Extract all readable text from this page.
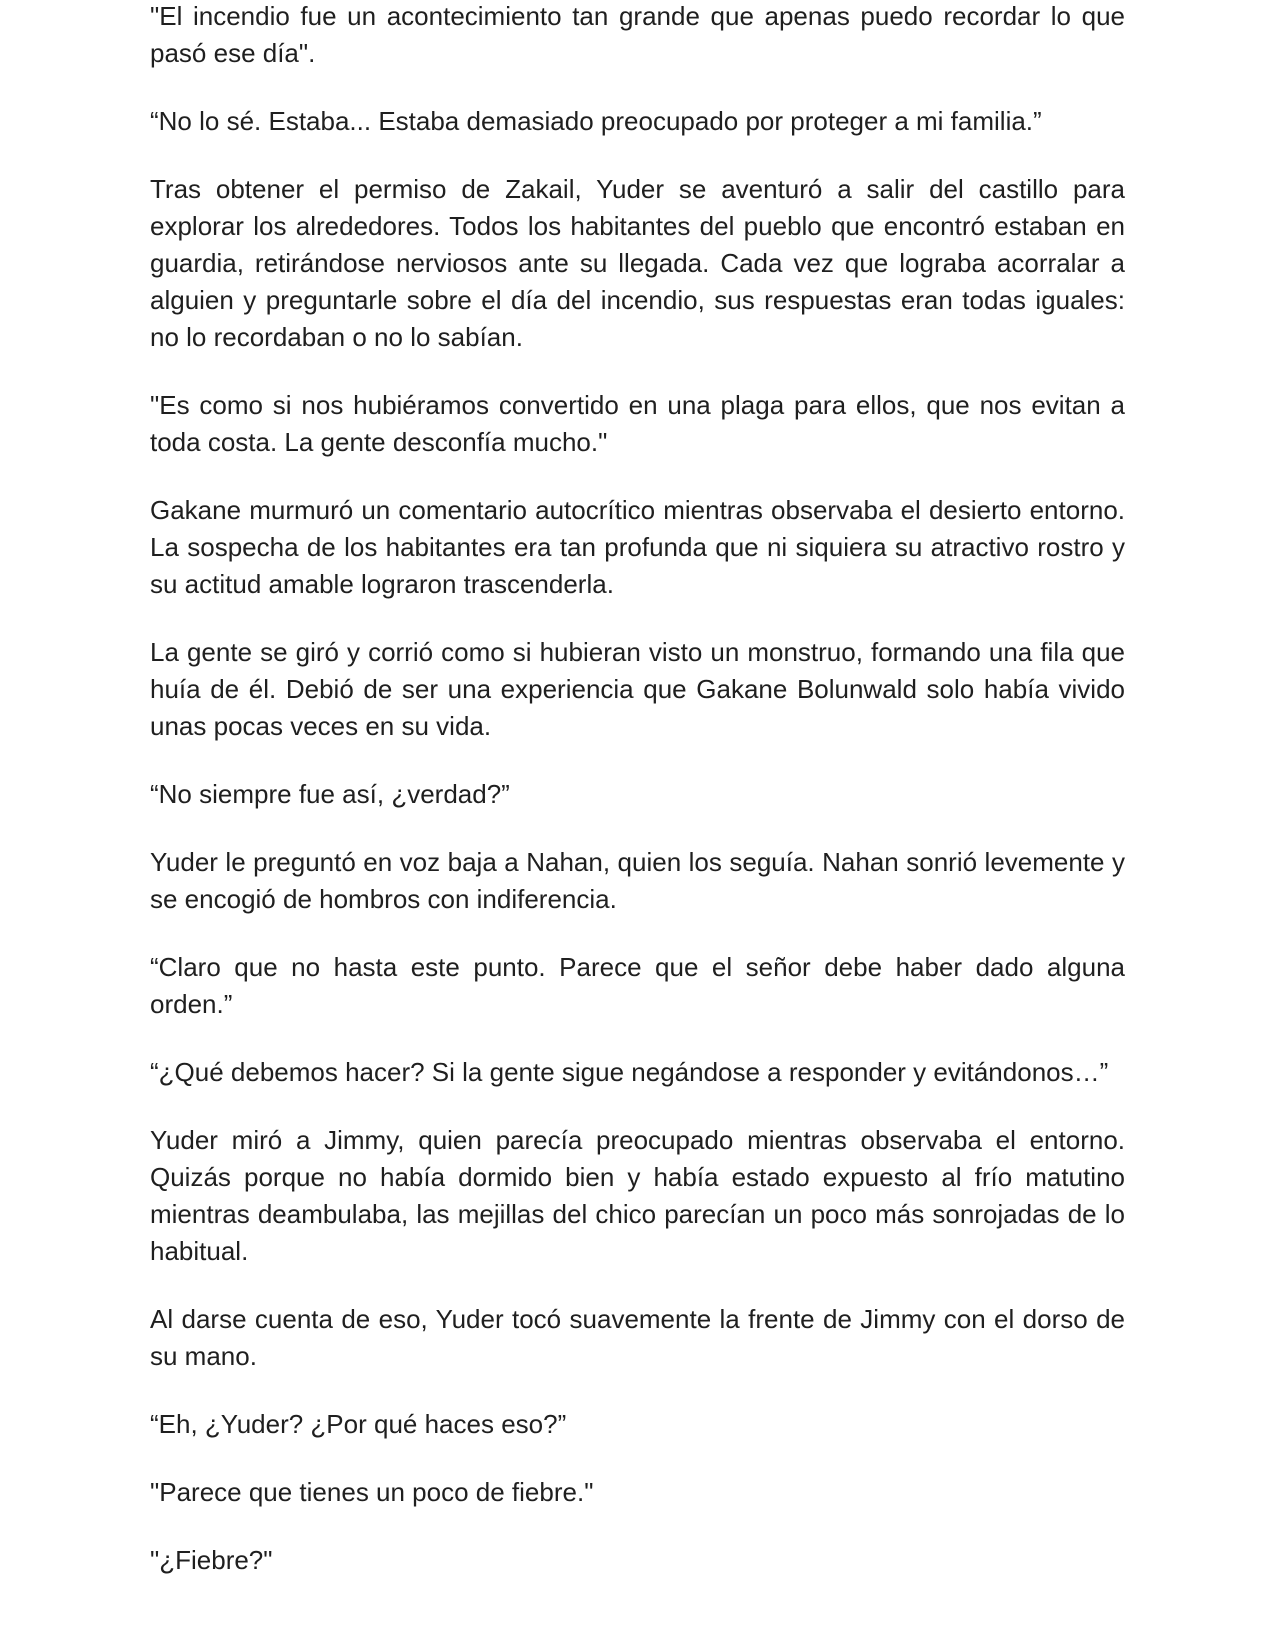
"El incendio fue un acontecimiento tan grande que apenas puedo recordar lo que pasó ese día".

“No lo sé. Estaba... Estaba demasiado preocupado por proteger a mi familia.”

Tras obtener el permiso de Zakail, Yuder se aventuró a salir del castillo para explorar los alrededores. Todos los habitantes del pueblo que encontró estaban en guardia, retirándose nerviosos ante su llegada. Cada vez que lograba acorralar a alguien y preguntarle sobre el día del incendio, sus respuestas eran todas iguales: no lo recordaban o no lo sabían.

"Es como si nos hubiéramos convertido en una plaga para ellos, que nos evitan a toda costa. La gente desconfía mucho."

Gakane murmuró un comentario autocrítico mientras observaba el desierto entorno. La sospecha de los habitantes era tan profunda que ni siquiera su atractivo rostro y su actitud amable lograron trascenderla.

La gente se giró y corrió como si hubieran visto un monstruo, formando una fila que huía de él. Debió de ser una experiencia que Gakane Bolunwald solo había vivido unas pocas veces en su vida.

“No siempre fue así, ¿verdad?”

Yuder le preguntó en voz baja a Nahan, quien los seguía. Nahan sonrió levemente y se encogió de hombros con indiferencia.

“Claro que no hasta este punto. Parece que el señor debe haber dado alguna orden.”

“¿Qué debemos hacer? Si la gente sigue negándose a responder y evitándonos…”

Yuder miró a Jimmy, quien parecía preocupado mientras observaba el entorno. Quizás porque no había dormido bien y había estado expuesto al frío matutino mientras deambulaba, las mejillas del chico parecían un poco más sonrojadas de lo habitual.

Al darse cuenta de eso, Yuder tocó suavemente la frente de Jimmy con el dorso de su mano.

“Eh, ¿Yuder? ¿Por qué haces eso?”

"Parece que tienes un poco de fiebre."

"¿Fiebre?"
